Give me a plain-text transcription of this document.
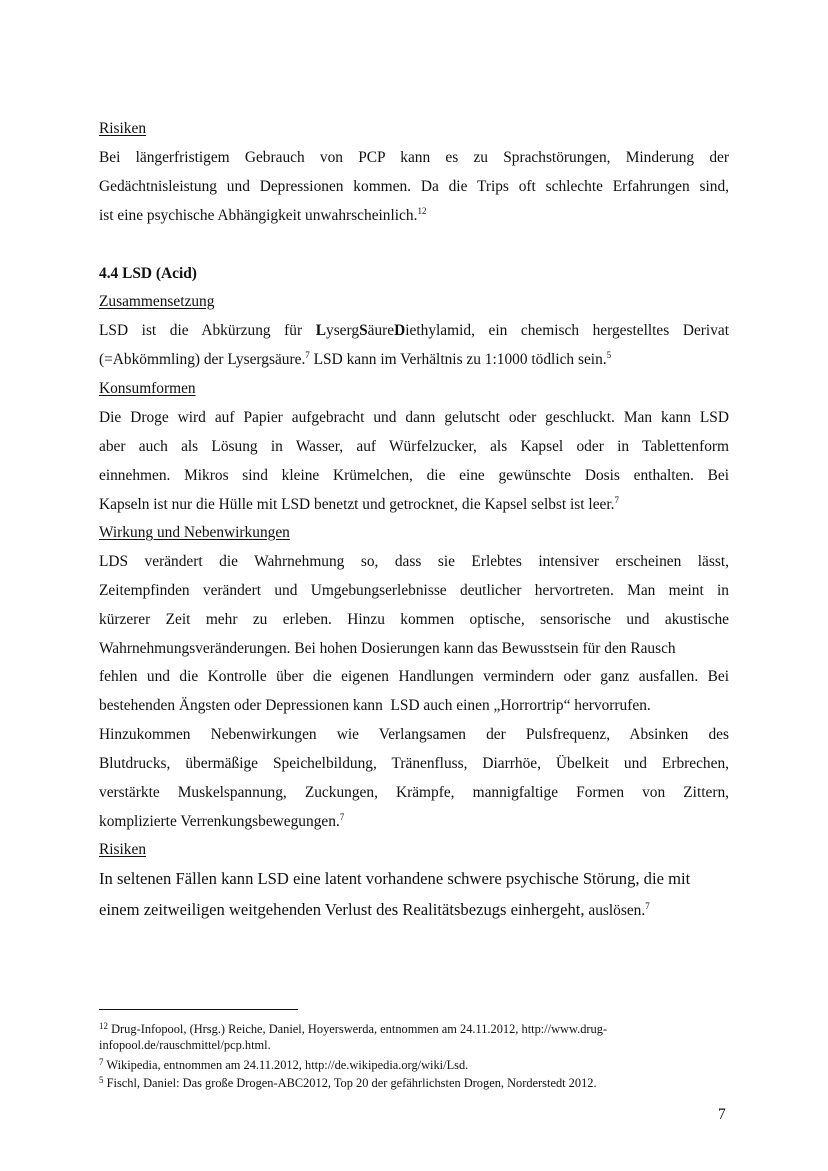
Risiken
Bei längerfristigem Gebrauch von PCP kann es zu Sprachstörungen, Minderung der
Gedächtnisleistung und Depressionen kommen. Da die Trips oft schlechte Erfahrungen sind,
ist eine psychische Abhängigkeit unwahrscheinlich.$^{12}$
4.4 LSD (Acid)
Zusammensetzung
LSD ist die Abkürzung für LysergSäureDiethylamid, ein chemisch hergestelltes Derivat
(=Abkömmling) der Lysergsäure.$^7$ LSD kann im Verhältnis zu 1:1000 tödlich sein.$^5$
Konsumformen
Die Droge wird auf Papier aufgebracht und dann gelutscht oder geschluckt. Man kann LSD
aber auch als Lösung in Wasser, auf Würfelzucker, als Kapsel oder in Tablettenform
einnehmen. Mikros sind kleine Krümelchen, die eine gewünschte Dosis enthalten. Bei
Kapseln ist nur die Hülle mit LSD benetzt und getrocknet, die Kapsel selbst ist leer.$^7$
Wirkung und Nebenwirkungen
LDS verändert die Wahrnehmung so, dass sie Erlebtes intensiver erscheinen lässt,
Zeitempfinden verändert und Umgebungserlebnisse deutlicher hervortreten. Man meint in
kürzerer Zeit mehr zu erleben. Hinzu kommen optische, sensorische und akustische
Wahrnehmungsveränderungen. Bei hohen Dosierungen kann das Bewusstsein für den Rausch
fehlen und die Kontrolle über die eigenen Handlungen vermindern oder ganz ausfallen. Bei
bestehenden Ängsten oder Depressionen kann  LSD auch einen „Horrortrip“ hervorrufen.
Hinzukommen Nebenwirkungen wie Verlangsamen der Pulsfrequenz, Absinken des
Blutdrucks, übermäßige Speichelbildung, Tränenfluss, Diarrhöe, Übelkeit und Erbrechen,
verstärkte Muskelspannung, Zuckungen, Krämpfe, mannigfaltige Formen von Zittern,
komplizierte Verrenkungsbewegungen.$^7$
Risiken
In seltenen Fällen kann LSD eine latent vorhandene schwere psychische Störung, die mit
einem zeitweiligen weitgehenden Verlust des Realitätsbezugs einhergeht, auslösen.$^7$
$^{12}$ Drug-Infopool, (Hrsg.) Reiche, Daniel, Hoyerswerda, entnommen am 24.11.2012, http://www.drug-
infopool.de/rauschmittel/pcp.html.
$^7$ Wikipedia, entnommen am 24.11.2012, http://de.wikipedia.org/wiki/Lsd.
$^5$ Fischl, Daniel: Das große Drogen-ABC2012, Top 20 der gefährlichsten Drogen, Norderstedt 2012.
7
